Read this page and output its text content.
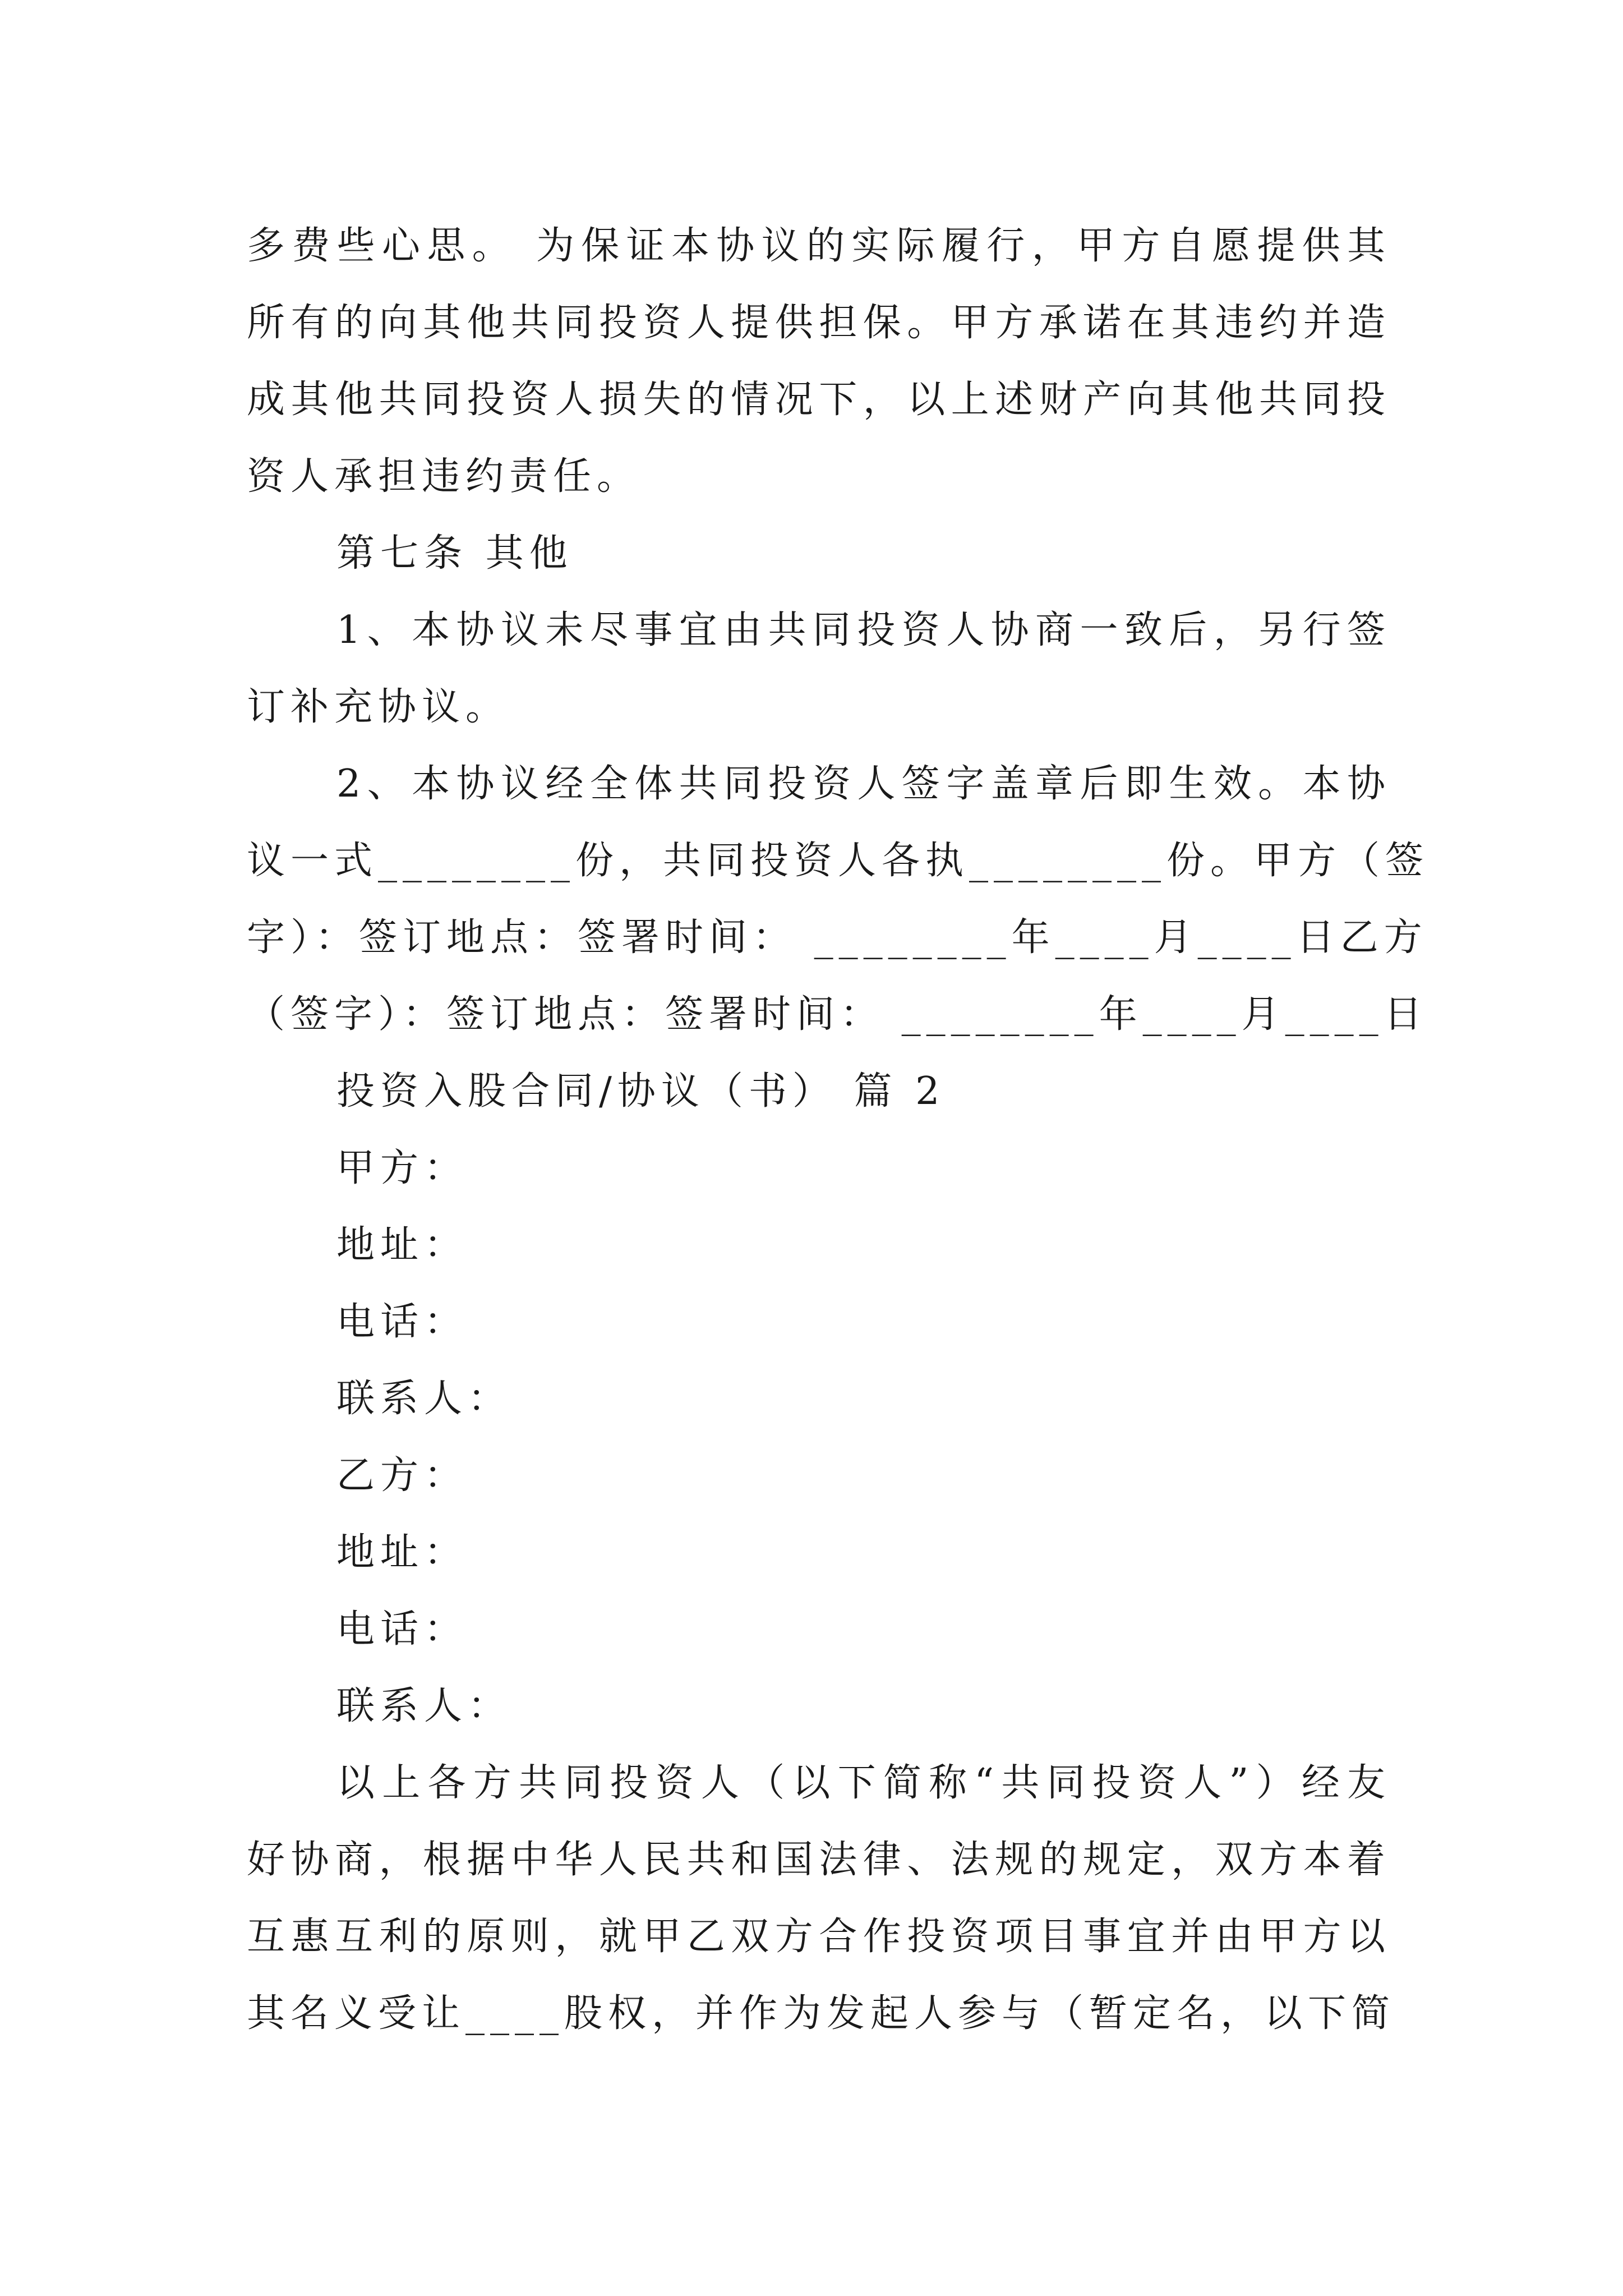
多费些心思。 为保证本协议的实际履行，甲方自愿提供其
所有的向其他共同投资人提供担保。甲方承诺在其违约并造
成其他共同投资人损失的情况下，以上述财产向其他共同投
资人承担违约责任。
第七条 其他
1、本协议未尽事宜由共同投资人协商一致后，另行签
订补充协议。
2、本协议经全体共同投资人签字盖章后即生效。本协
议一式________份，共同投资人各执________份。甲方（签
字）：签订地点：签署时间： ________年____月____日乙方
（签字）：签订地点：签署时间： ________年____月____日
投资入股合同/协议（书） 篇 2
甲方：
地址：
电话：
联系人：
乙方：
地址：
电话：
联系人：
以上各方共同投资人（以下简称“共同投资人”）经友
好协商，根据中华人民共和国法律、法规的规定，双方本着
互惠互利的原则，就甲乙双方合作投资项目事宜并由甲方以
其名义受让____股权，并作为发起人参与（暂定名，以下简
